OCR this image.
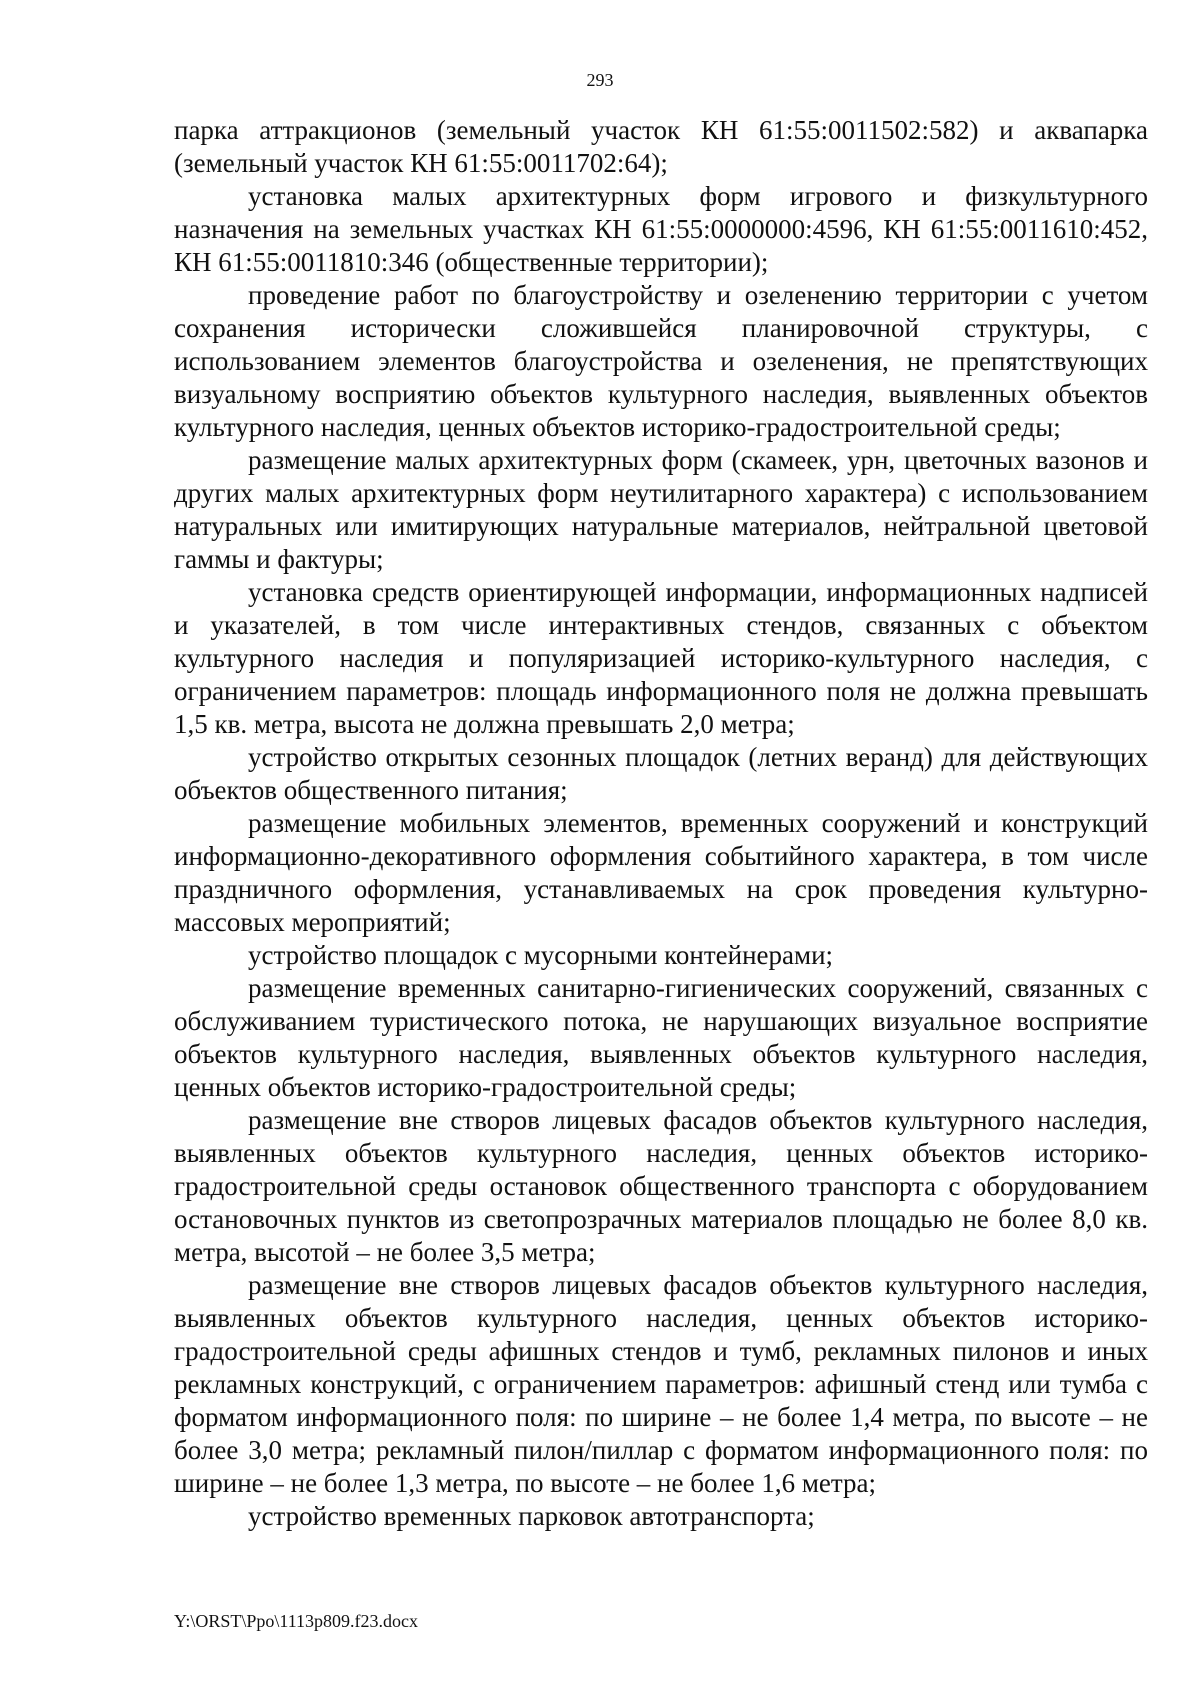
293

парка аттракционов (земельный участок КН 61:55:0011502:582) и аквапарка (земельный участок КН 61:55:0011702:64);

установка малых архитектурных форм игрового и физкультурного назначения на земельных участках КН 61:55:0000000:4596, КН 61:55:0011610:452, КН 61:55:0011810:346 (общественные территории);

проведение работ по благоустройству и озеленению территории с учетом сохранения исторически сложившейся планировочной структуры, с использованием элементов благоустройства и озеленения, не препятствующих визуальному восприятию объектов культурного наследия, выявленных объектов культурного наследия, ценных объектов историко-градостроительной среды;

размещение малых архитектурных форм (скамеек, урн, цветочных вазонов и других малых архитектурных форм неутилитарного характера) с использованием натуральных или имитирующих натуральные материалов, нейтральной цветовой гаммы и фактуры;

установка средств ориентирующей информации, информационных надписей и указателей, в том числе интерактивных стендов, связанных с объектом культурного наследия и популяризацией историко-культурного наследия, с ограничением параметров: площадь информационного поля не должна превышать 1,5 кв. метра, высота не должна превышать 2,0 метра;

устройство открытых сезонных площадок (летних веранд) для действующих объектов общественного питания;

размещение мобильных элементов, временных сооружений и конструкций информационно-декоративного оформления событийного характера, в том числе праздничного оформления, устанавливаемых на срок проведения культурно-массовых мероприятий;

устройство площадок с мусорными контейнерами;

размещение временных санитарно-гигиенических сооружений, связанных с обслуживанием туристического потока, не нарушающих визуальное восприятие объектов культурного наследия, выявленных объектов культурного наследия, ценных объектов историко-градостроительной среды;

размещение вне створов лицевых фасадов объектов культурного наследия, выявленных объектов культурного наследия, ценных объектов историко-градостроительной среды остановок общественного транспорта с оборудованием остановочных пунктов из светопрозрачных материалов площадью не более 8,0 кв. метра, высотой – не более 3,5 метра;

размещение вне створов лицевых фасадов объектов культурного наследия, выявленных объектов культурного наследия, ценных объектов историко-градостроительной среды афишных стендов и тумб, рекламных пилонов и иных рекламных конструкций, с ограничением параметров: афишный стенд или тумба с форматом информационного поля: по ширине – не более 1,4 метра, по высоте – не более 3,0 метра; рекламный пилон/пиллар с форматом информационного поля: по ширине – не более 1,3 метра, по высоте – не более 1,6 метра;

устройство временных парковок автотранспорта;

Y:\ORST\Ppo\1113p809.f23.docx
